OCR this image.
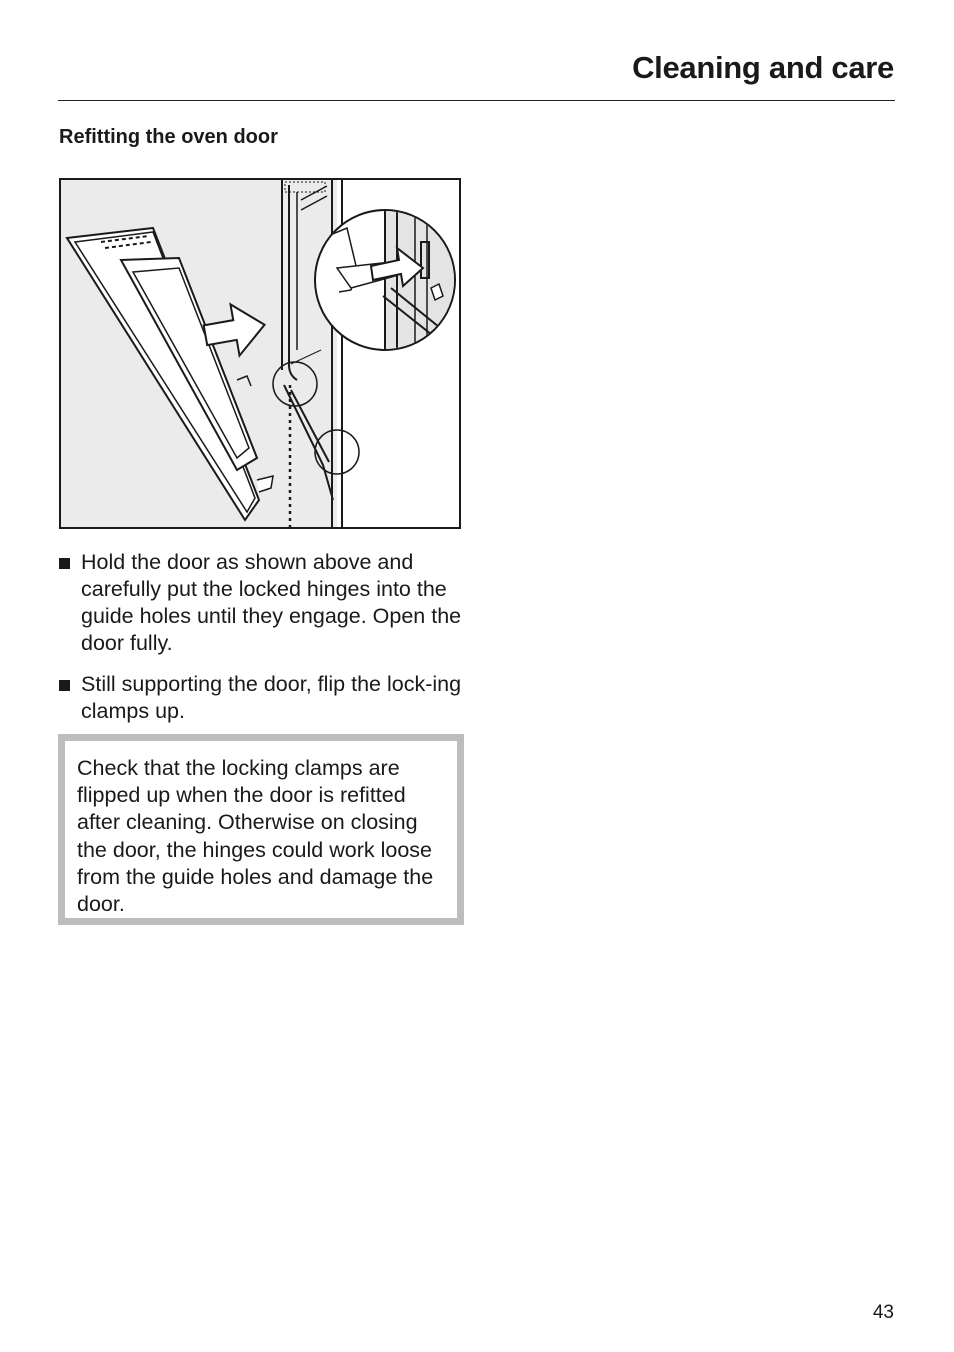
Cleaning and care
Refitting the oven door
Hold the door as shown above and carefully put the locked hinges into the guide holes until they engage. Open the door fully.
Still supporting the door, flip the lock-ing clamps up.
Check that the locking clamps are flipped up when the door is refitted after cleaning. Otherwise on closing the door, the hinges could work loose from the guide holes and damage the door.
43
